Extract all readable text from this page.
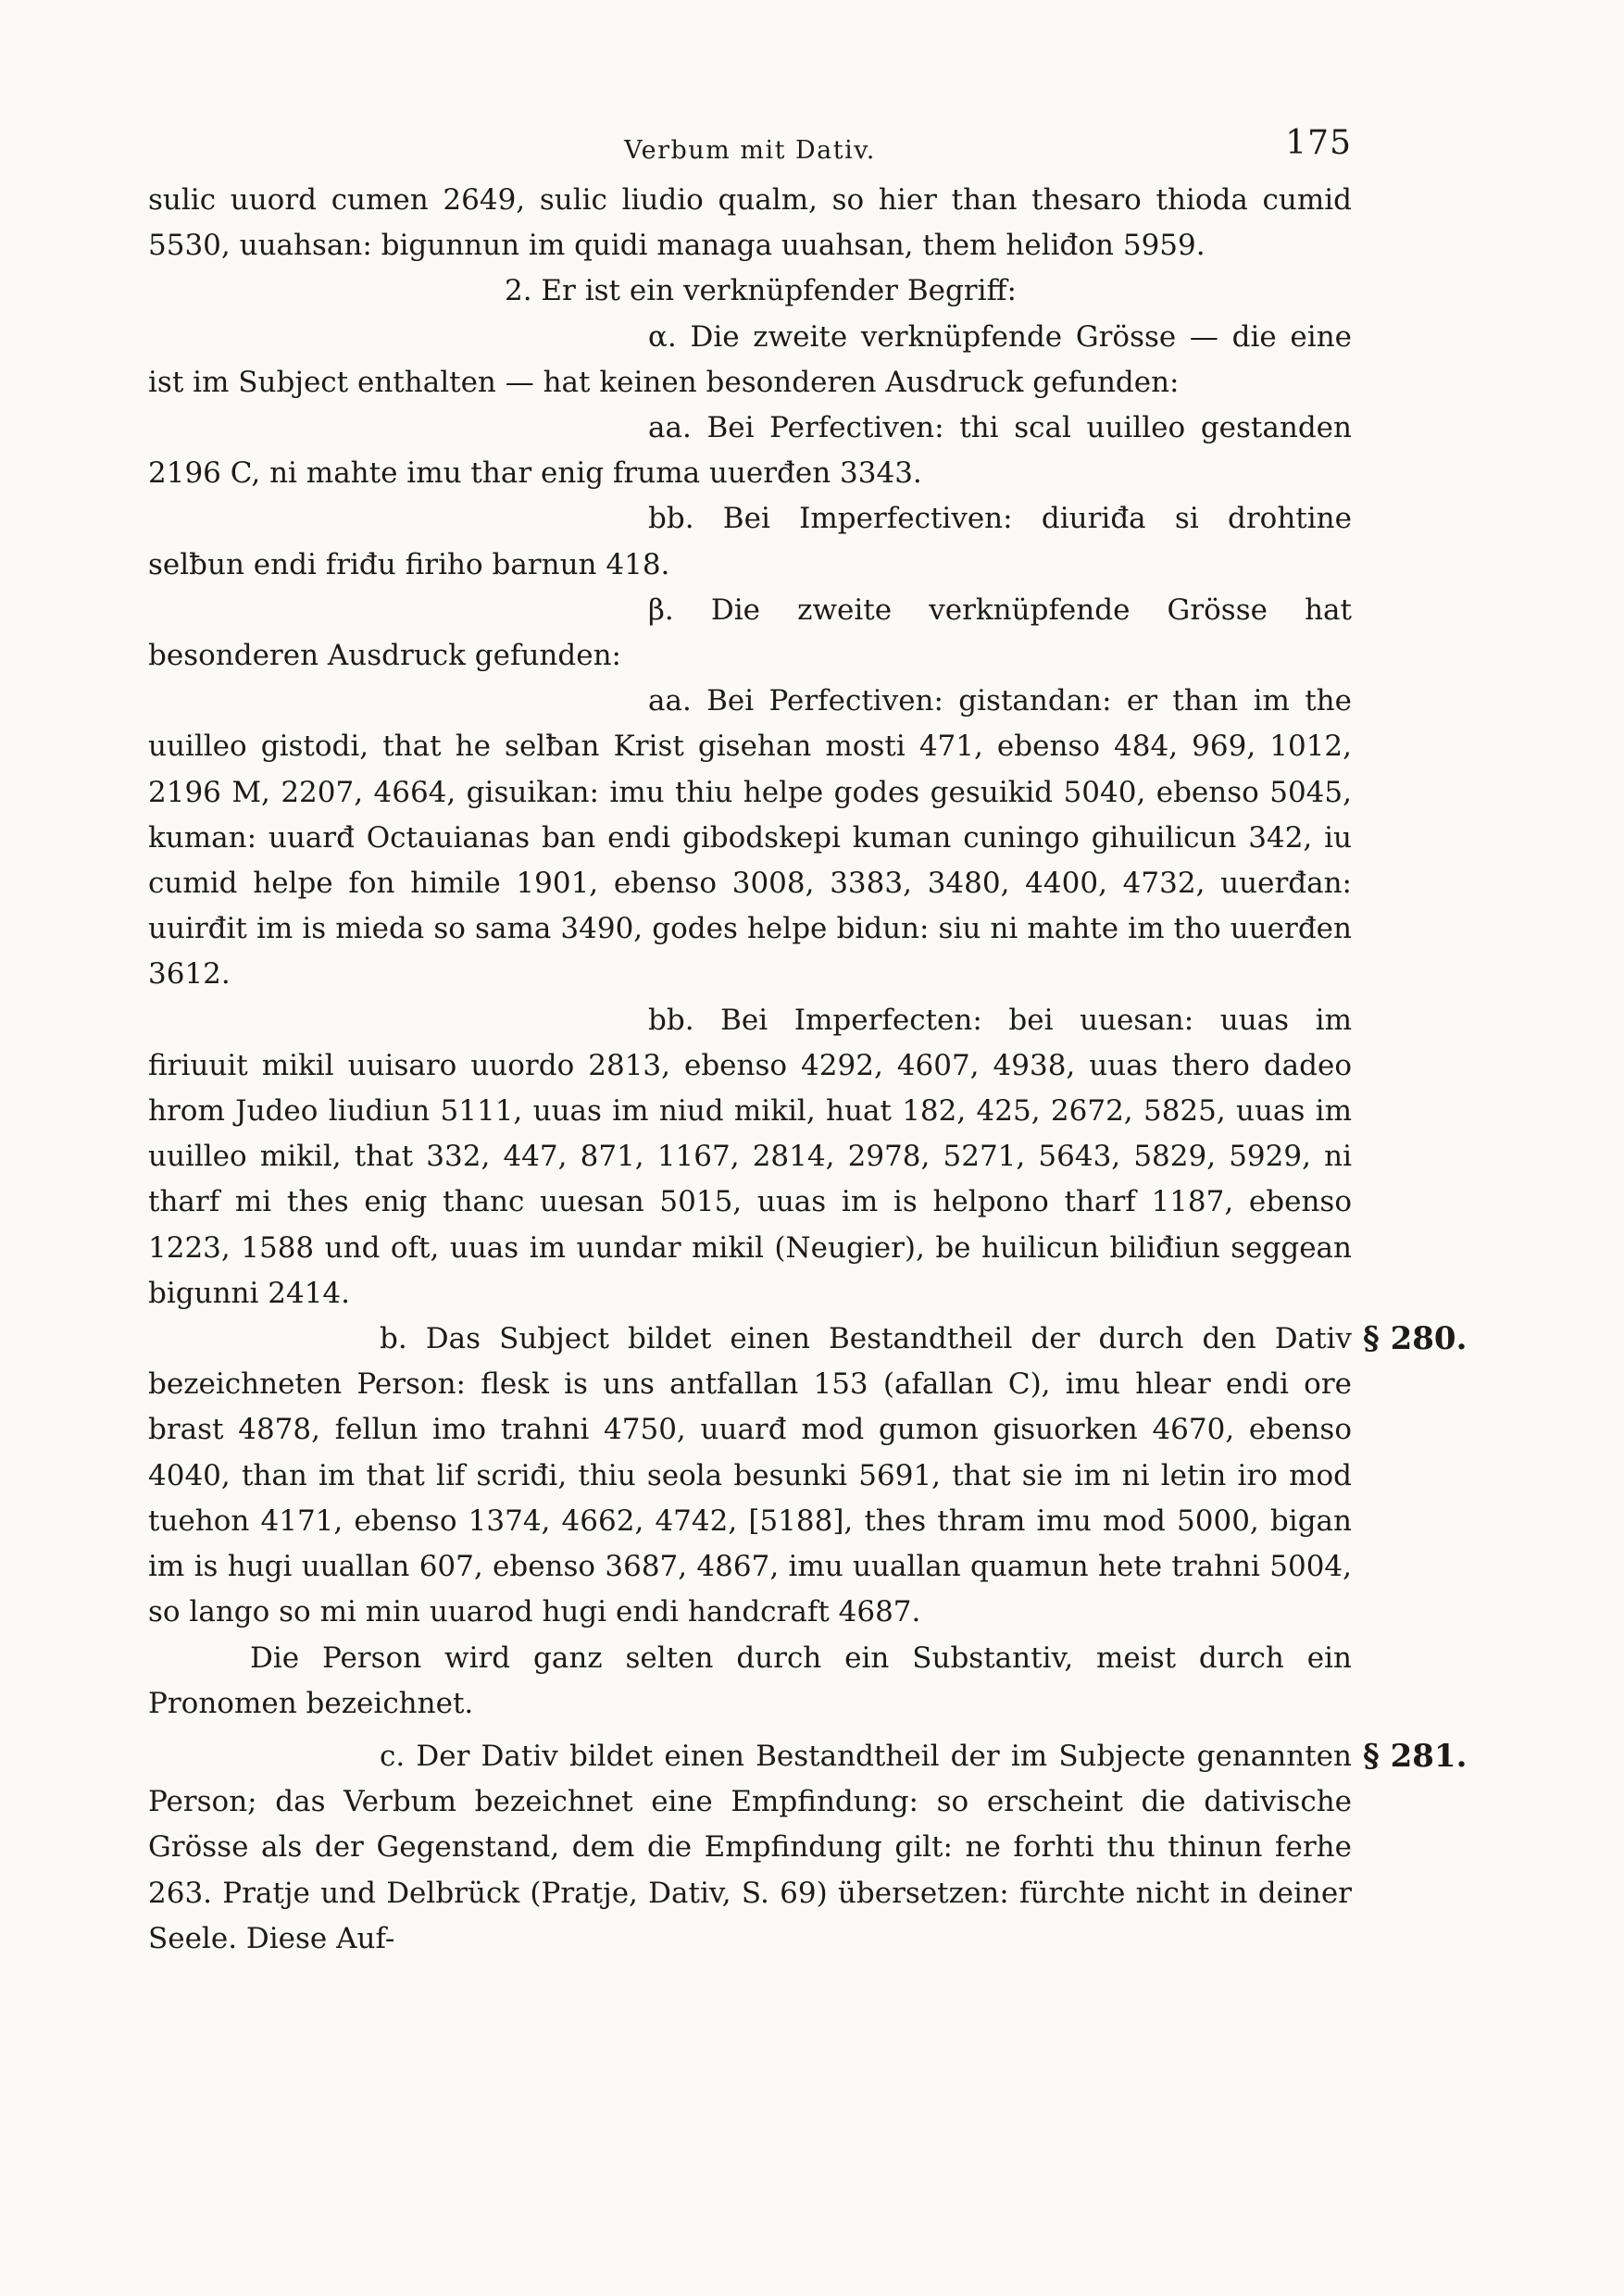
Verbum mit Dativ.	175

sulic uuord cumen 2649, sulic liudio qualm, so hier than thesaro thioda cumid 5530, uuahsan: bigunnun im quidi managa uuahsan, them heliđon 5959.

2. Er ist ein verknüpfender Begriff:

α. Die zweite verknüpfende Grösse — die eine ist im Subject enthalten — hat keinen besonderen Ausdruck gefunden:

aa. Bei Perfectiven: thi scal uuilleo gestanden 2196 C, ni mahte imu thar enig fruma uuerđen 3343.

bb. Bei Imperfectiven: diuriđa si drohtine selƀun endi friđu firiho barnun 418.

β. Die zweite verknüpfende Grösse hat besonderen Ausdruck gefunden:

aa. Bei Perfectiven: gistandan: er than im the uuilleo gistodi, that he selƀan Krist gisehan mosti 471, ebenso 484, 969, 1012, 2196 M, 2207, 4664, gisuikan: imu thiu helpe godes gesuikid 5040, ebenso 5045, kuman: uuarđ Octauianas ban endi gibodskepi kuman cuningo gihuilicun 342, iu cumid helpe fon himile 1901, ebenso 3008, 3383, 3480, 4400, 4732, uuerđan: uuirđit im is mieda so sama 3490, godes helpe bidun: siu ni mahte im tho uuerđen 3612.

bb. Bei Imperfecten: bei uuesan: uuas im firiuuit mikil uuisaro uuordo 2813, ebenso 4292, 4607, 4938, uuas thero dadeo hrom Judeo liudiun 5111, uuas im niud mikil, huat 182, 425, 2672, 5825, uuas im uuilleo mikil, that 332, 447, 871, 1167, 2814, 2978, 5271, 5643, 5829, 5929, ni tharf mi thes enig thanc uuesan 5015, uuas im is helpono tharf 1187, ebenso 1223, 1588 und oft, uuas im uundar mikil (Neugier), be huilicun biliđiun seggean bigunni 2414.

§ 280.

b. Das Subject bildet einen Bestandtheil der durch den Dativ bezeichneten Person: flesk is uns antfallan 153 (afallan C), imu hlear endi ore brast 4878, fellun imo trahni 4750, uuarđ mod gumon gisuorken 4670, ebenso 4040, than im that lif scriđi, thiu seola besunki 5691, that sie im ni letin iro mod tuehon 4171, ebenso 1374, 4662, 4742, [5188], thes thram imu mod 5000, bigan im is hugi uuallan 607, ebenso 3687, 4867, imu uuallan quamun hete trahni 5004, so lango so mi min uuarod hugi endi handcraft 4687.

Die Person wird ganz selten durch ein Substantiv, meist durch ein Pronomen bezeichnet.

§ 281.

c. Der Dativ bildet einen Bestandtheil der im Subjecte genannten Person; das Verbum bezeichnet eine Empfindung: so erscheint die dativische Grösse als der Gegenstand, dem die Empfindung gilt: ne forhti thu thinun ferhe 263. Pratje und Delbrück (Pratje, Dativ, S. 69) übersetzen: fürchte nicht in deiner Seele. Diese Auf-
